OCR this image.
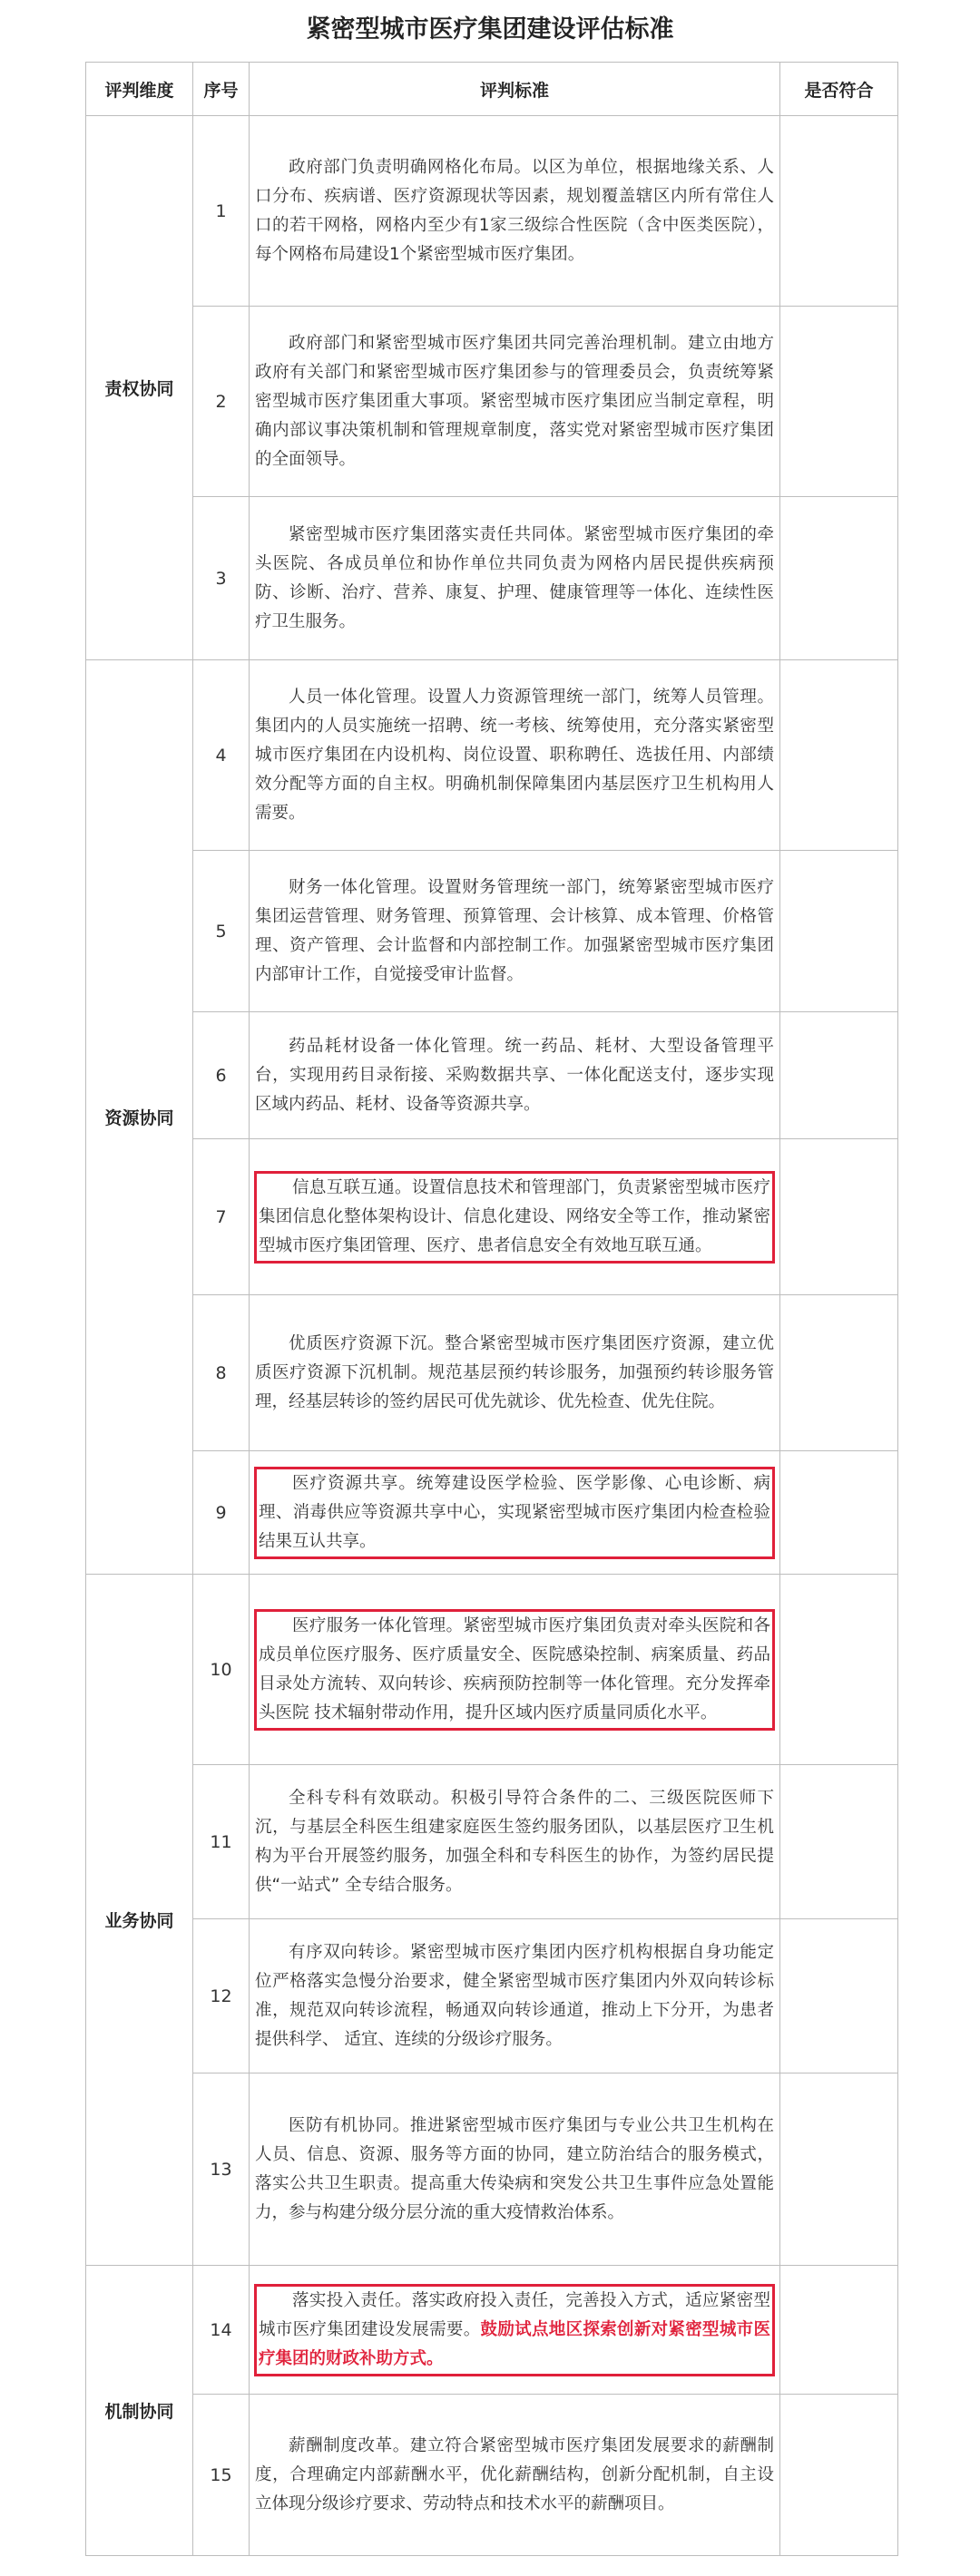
紧密型城市医疗集团建设评估标准
评判维度	序号	评判标准	是否符合
责权协同	1	政府部门负责明确网格化布局。以区为单位，根据地缘关系、人口分布、疾病谱、医疗资源现状等因素，规划覆盖辖区内所有常住人口的若干网格，网格内至少有1家三级综合性医院（含中医类医院），每个网格布局建设1个紧密型城市医疗集团。	

	2	政府部门和紧密型城市医疗集团共同完善治理机制。建立由地方政府有关部门和紧密型城市医疗集团参与的管理委员会，负责统筹紧密型城市医疗集团重大事项。紧密型城市医疗集团应当制定章程，明确内部议事决策机制和管理规章制度，落实党对紧密型城市医疗集团的全面领导。	

	3	紧密型城市医疗集团落实责任共同体。紧密型城市医疗集团的牵头医院、各成员单位和协作单位共同负责为网格内居民提供疾病预防、诊断、治疗、营养、康复、护理、健康管理等一体化、连续性医疗卫生服务。	

资源协同	4	人员一体化管理。设置人力资源管理统一部门，统筹人员管理。集团内的人员实施统一招聘、统一考核、统筹使用，充分落实紧密型城市医疗集团在内设机构、岗位设置、职称聘任、选拔任用、内部绩效分配等方面的自主权。明确机制保障集团内基层医疗卫生机构用人需要。	

	5	财务一体化管理。设置财务管理统一部门，统筹紧密型城市医疗集团运营管理、财务管理、预算管理、会计核算、成本管理、价格管理、资产管理、会计监督和内部控制工作。加强紧密型城市医疗集团内部审计工作，自觉接受审计监督。	

	6	药品耗材设备一体化管理。统一药品、耗材、大型设备管理平台，实现用药目录衔接、采购数据共享、一体化配送支付，逐步实现区域内药品、耗材、设备等资源共享。	

	7	信息互联互通。设置信息技术和管理部门，负责紧密型城市医疗集团信息化整体架构设计、信息化建设、网络安全等工作，推动紧密型城市医疗集团管理、医疗、患者信息安全有效地互联互通。	

	8	优质医疗资源下沉。整合紧密型城市医疗集团医疗资源，建立优质医疗资源下沉机制。规范基层预约转诊服务，加强预约转诊服务管理，经基层转诊的签约居民可优先就诊、优先检查、优先住院。	

	9	医疗资源共享。统筹建设医学检验、医学影像、心电诊断、病理、消毒供应等资源共享中心，实现紧密型城市医疗集团内检查检验结果互认共享。	

业务协同	10	医疗服务一体化管理。紧密型城市医疗集团负责对牵头医院和各成员单位医疗服务、医疗质量安全、医院感染控制、病案质量、药品目录处方流转、双向转诊、疾病预防控制等一体化管理。充分发挥牵头医院 技术辐射带动作用，提升区域内医疗质量同质化水平。	

	11	全科专科有效联动。积极引导符合条件的二、三级医院医师下沉，与基层全科医生组建家庭医生签约服务团队，以基层医疗卫生机构为平台开展签约服务，加强全科和专科医生的协作，为签约居民提供“一站式” 全专结合服务。	

	12	有序双向转诊。紧密型城市医疗集团内医疗机构根据自身功能定位严格落实急慢分治要求，健全紧密型城市医疗集团内外双向转诊标准，规范双向转诊流程，畅通双向转诊通道，推动上下分开，为患者提供科学、 适宜、连续的分级诊疗服务。	

	13	医防有机协同。推进紧密型城市医疗集团与专业公共卫生机构在人员、信息、资源、服务等方面的协同，建立防治结合的服务模式，落实公共卫生职责。提高重大传染病和突发公共卫生事件应急处置能力，参与构建分级分层分流的重大疫情救治体系。	

机制协同	14	落实投入责任。落实政府投入责任，完善投入方式，适应紧密型城市医疗集团建设发展需要。鼓励试点地区探索创新对紧密型城市医疗集团的财政补助方式。	

	15	薪酬制度改革。建立符合紧密型城市医疗集团发展要求的薪酬制度，合理确定内部薪酬水平，优化薪酬结构，创新分配机制，自主设立体现分级诊疗要求、劳动特点和技术水平的薪酬项目。	
